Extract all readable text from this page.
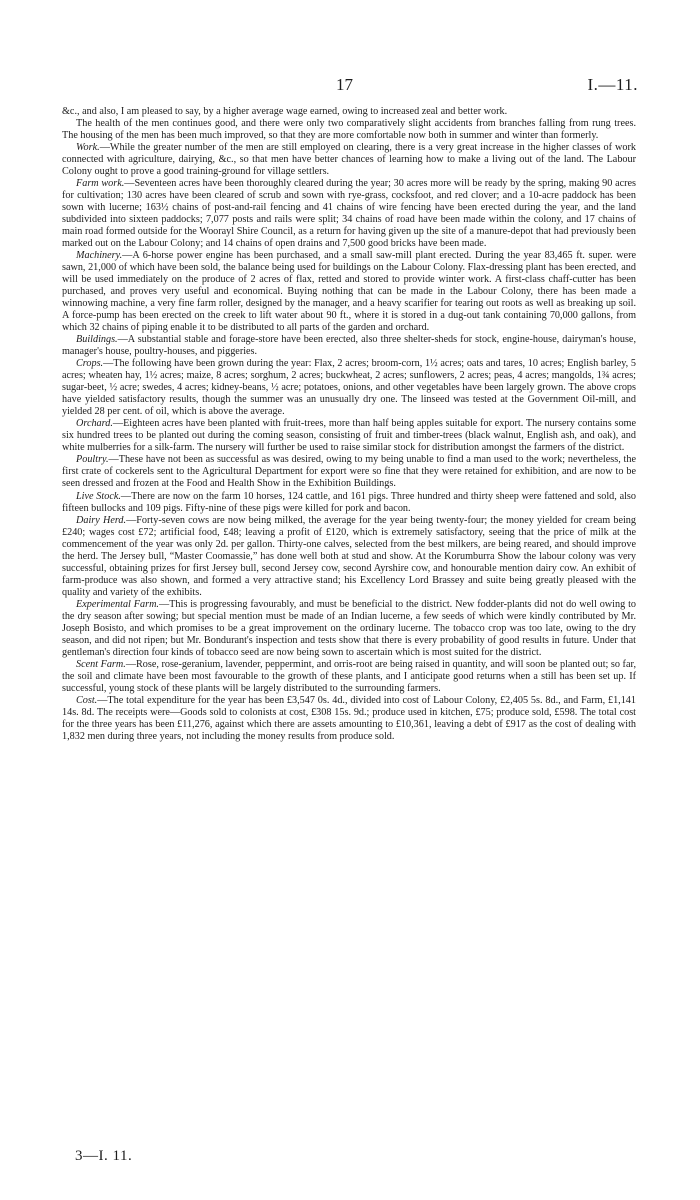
17	I.—11.

&c., and also, I am pleased to say, by a higher average wage earned, owing to increased zeal and better work.

The health of the men continues good, and there were only two comparatively slight accidents from branches falling from rung trees. The housing of the men has been much improved, so that they are more comfortable now both in summer and winter than formerly.

Work.—While the greater number of the men are still employed on clearing, there is a very great increase in the higher classes of work connected with agriculture, dairying, &c., so that men have better chances of learning how to make a living out of the land. The Labour Colony ought to prove a good training-ground for village settlers.

Farm work.—Seventeen acres have been thoroughly cleared during the year; 30 acres more will be ready by the spring, making 90 acres for cultivation; 130 acres have been cleared of scrub and sown with rye-grass, cocksfoot, and red clover; and a 10-acre paddock has been sown with lucerne; 163½ chains of post-and-rail fencing and 41 chains of wire fencing have been erected during the year, and the land subdivided into sixteen paddocks; 7,077 posts and rails were split; 34 chains of road have been made within the colony, and 17 chains of main road formed outside for the Woorayl Shire Council, as a return for having given up the site of a manure-depot that had previously been marked out on the Labour Colony; and 14 chains of open drains and 7,500 good bricks have been made.

Machinery.—A 6-horse power engine has been purchased, and a small saw-mill plant erected. During the year 83,465 ft. super. were sawn, 21,000 of which have been sold, the balance being used for buildings on the Labour Colony. Flax-dressing plant has been erected, and will be used immediately on the produce of 2 acres of flax, retted and stored to provide winter work. A first-class chaff-cutter has been purchased, and proves very useful and economical. Buying nothing that can be made in the Labour Colony, there has been made a winnowing machine, a very fine farm roller, designed by the manager, and a heavy scarifier for tearing out roots as well as breaking up soil. A force-pump has been erected on the creek to lift water about 90 ft., where it is stored in a dug-out tank containing 70,000 gallons, from which 32 chains of piping enable it to be distributed to all parts of the garden and orchard.

Buildings.—A substantial stable and forage-store have been erected, also three shelter-sheds for stock, engine-house, dairyman's house, manager's house, poultry-houses, and piggeries.

Crops.—The following have been grown during the year: Flax, 2 acres; broom-corn, 1½ acres; oats and tares, 10 acres; English barley, 5 acres; wheaten hay, 1½ acres; maize, 8 acres; sorghum, 2 acres; buckwheat, 2 acres; sunflowers, 2 acres; peas, 4 acres; mangolds, 1¾ acres; sugar-beet, ½ acre; swedes, 4 acres; kidney-beans, ½ acre; potatoes, onions, and other vegetables have been largely grown. The above crops have yielded satisfactory results, though the summer was an unusually dry one. The linseed was tested at the Government Oil-mill, and yielded 28 per cent. of oil, which is above the average.

Orchard.—Eighteen acres have been planted with fruit-trees, more than half being apples suitable for export. The nursery contains some six hundred trees to be planted out during the coming season, consisting of fruit and timber-trees (black walnut, English ash, and oak), and white mulberries for a silk-farm. The nursery will further be used to raise similar stock for distribution amongst the farmers of the district.

Poultry.—These have not been as successful as was desired, owing to my being unable to find a man used to the work; nevertheless, the first crate of cockerels sent to the Agricultural Department for export were so fine that they were retained for exhibition, and are now to be seen dressed and frozen at the Food and Health Show in the Exhibition Buildings.

Live Stock.—There are now on the farm 10 horses, 124 cattle, and 161 pigs. Three hundred and thirty sheep were fattened and sold, also fifteen bullocks and 109 pigs. Fifty-nine of these pigs were killed for pork and bacon.

Dairy Herd.—Forty-seven cows are now being milked, the average for the year being twenty-four; the money yielded for cream being £240; wages cost £72; artificial food, £48; leaving a profit of £120, which is extremely satisfactory, seeing that the price of milk at the commencement of the year was only 2d. per gallon. Thirty-one calves, selected from the best milkers, are being reared, and should improve the herd. The Jersey bull, “Master Coomassie,” has done well both at stud and show. At the Korumburra Show the labour colony was very successful, obtaining prizes for first Jersey bull, second Jersey cow, second Ayrshire cow, and honourable mention dairy cow. An exhibit of farm-produce was also shown, and formed a very attractive stand; his Excellency Lord Brassey and suite being greatly pleased with the quality and variety of the exhibits.

Experimental Farm.—This is progressing favourably, and must be beneficial to the district. New fodder-plants did not do well owing to the dry season after sowing; but special mention must be made of an Indian lucerne, a few seeds of which were kindly contributed by Mr. Joseph Bosisto, and which promises to be a great improvement on the ordinary lucerne. The tobacco crop was too late, owing to the dry season, and did not ripen; but Mr. Bondurant's inspection and tests show that there is every probability of good results in future. Under that gentleman's direction four kinds of tobacco seed are now being sown to ascertain which is most suited for the district.

Scent Farm.—Rose, rose-geranium, lavender, peppermint, and orris-root are being raised in quantity, and will soon be planted out; so far, the soil and climate have been most favourable to the growth of these plants, and I anticipate good returns when a still has been set up. If successful, young stock of these plants will be largely distributed to the surrounding farmers.

Cost.—The total expenditure for the year has been £3,547 0s. 4d., divided into cost of Labour Colony, £2,405 5s. 8d., and Farm, £1,141 14s. 8d. The receipts were—Goods sold to colonists at cost, £308 15s. 9d.; produce used in kitchen, £75; produce sold, £598. The total cost for the three years has been £11,276, against which there are assets amounting to £10,361, leaving a debt of £917 as the cost of dealing with 1,832 men during three years, not including the money results from produce sold.

3—I. 11.
